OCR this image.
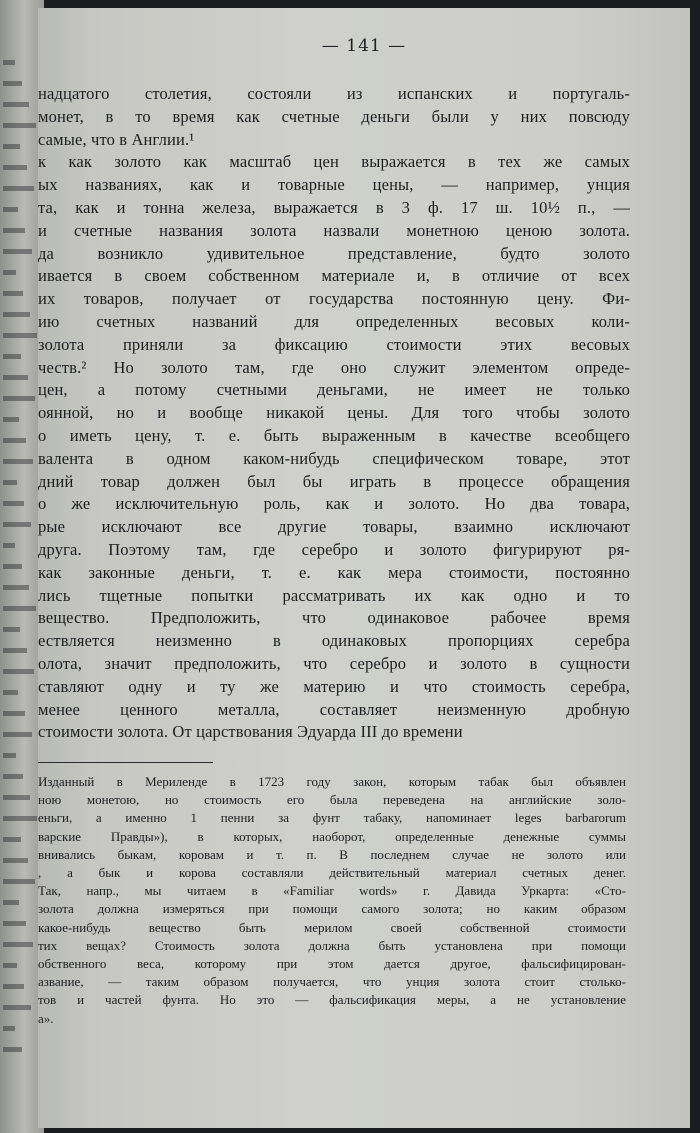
— 141 —
надцатого столетия, состояли из испанских и португаль-
монет, в то время как счетные деньги были у них повсюду
самые, что в Англии.¹
к как золото как масштаб цен выражается в тех же самых
ых названиях, как и товарные цены, — например, унция
та, как и тонна железа, выражается в 3 ф. 17 ш. 10½ п., —
и счетные названия золота назвали монетною ценою золота.
да возникло удивительное представление, будто золото
ивается в своем собственном материале и, в отличие от всех
их товаров, получает от государства постоянную цену. Фи-
ию счетных названий для определенных весовых коли-
золота приняли за фиксацию стоимости этих весовых
честв.² Но золото там, где оно служит элементом опреде-
цен, а потому счетными деньгами, не имеет не только
оянной, но и вообще никакой цены. Для того чтобы золото
о иметь цену, т. е. быть выраженным в качестве всеобщего
валента в одном каком-нибудь специфическом товаре, этот
дний товар должен был бы играть в процессе обращения
о же исключительную роль, как и золото. Но два товара,
рые исключают все другие товары, взаимно исключают
друга. Поэтому там, где серебро и золото фигурируют ря-
как законные деньги, т. е. как мера стоимости, постоянно
лись тщетные попытки рассматривать их как одно и то
вещество. Предположить, что одинаковое рабочее время
ествляется неизменно в одинаковых пропорциях серебра
олота, значит предположить, что серебро и золото в сущности
ставляют одну и ту же материю и что стоимость серебра,
менее ценного металла, составляет неизменную дробную
стоимости золота. От царствования Эдуарда III до времени
Изданный в Мериленде в 1723 году закон, которым табак был объявлен
ною монетою, но стоимость его была переведена на английские золо-
еньги, а именно 1 пенни за фунт табаку, напоминает leges barbarorum
варские Правды»), в которых, наоборот, определенные денежные суммы
внивались быкам, коровам и т. п. В последнем случае не золото или
, а бык и корова составляли действительный материал счетных денег.
Так, напр., мы читаем в «Familiar words» г. Давида Уркарта: «Сто-
золота должна измеряться при помощи самого золота; но каким образом
какое-нибудь вещество быть мерилом своей собственной стоимости
тих вещах? Стоимость золота должна быть установлена при помощи
обственного веса, которому при этом дается другое, фальсифицирован-
азвание, — таким образом получается, что унция золота стоит столько-
тов и частей фунта. Но это — фальсификация меры, а не установление
а».
